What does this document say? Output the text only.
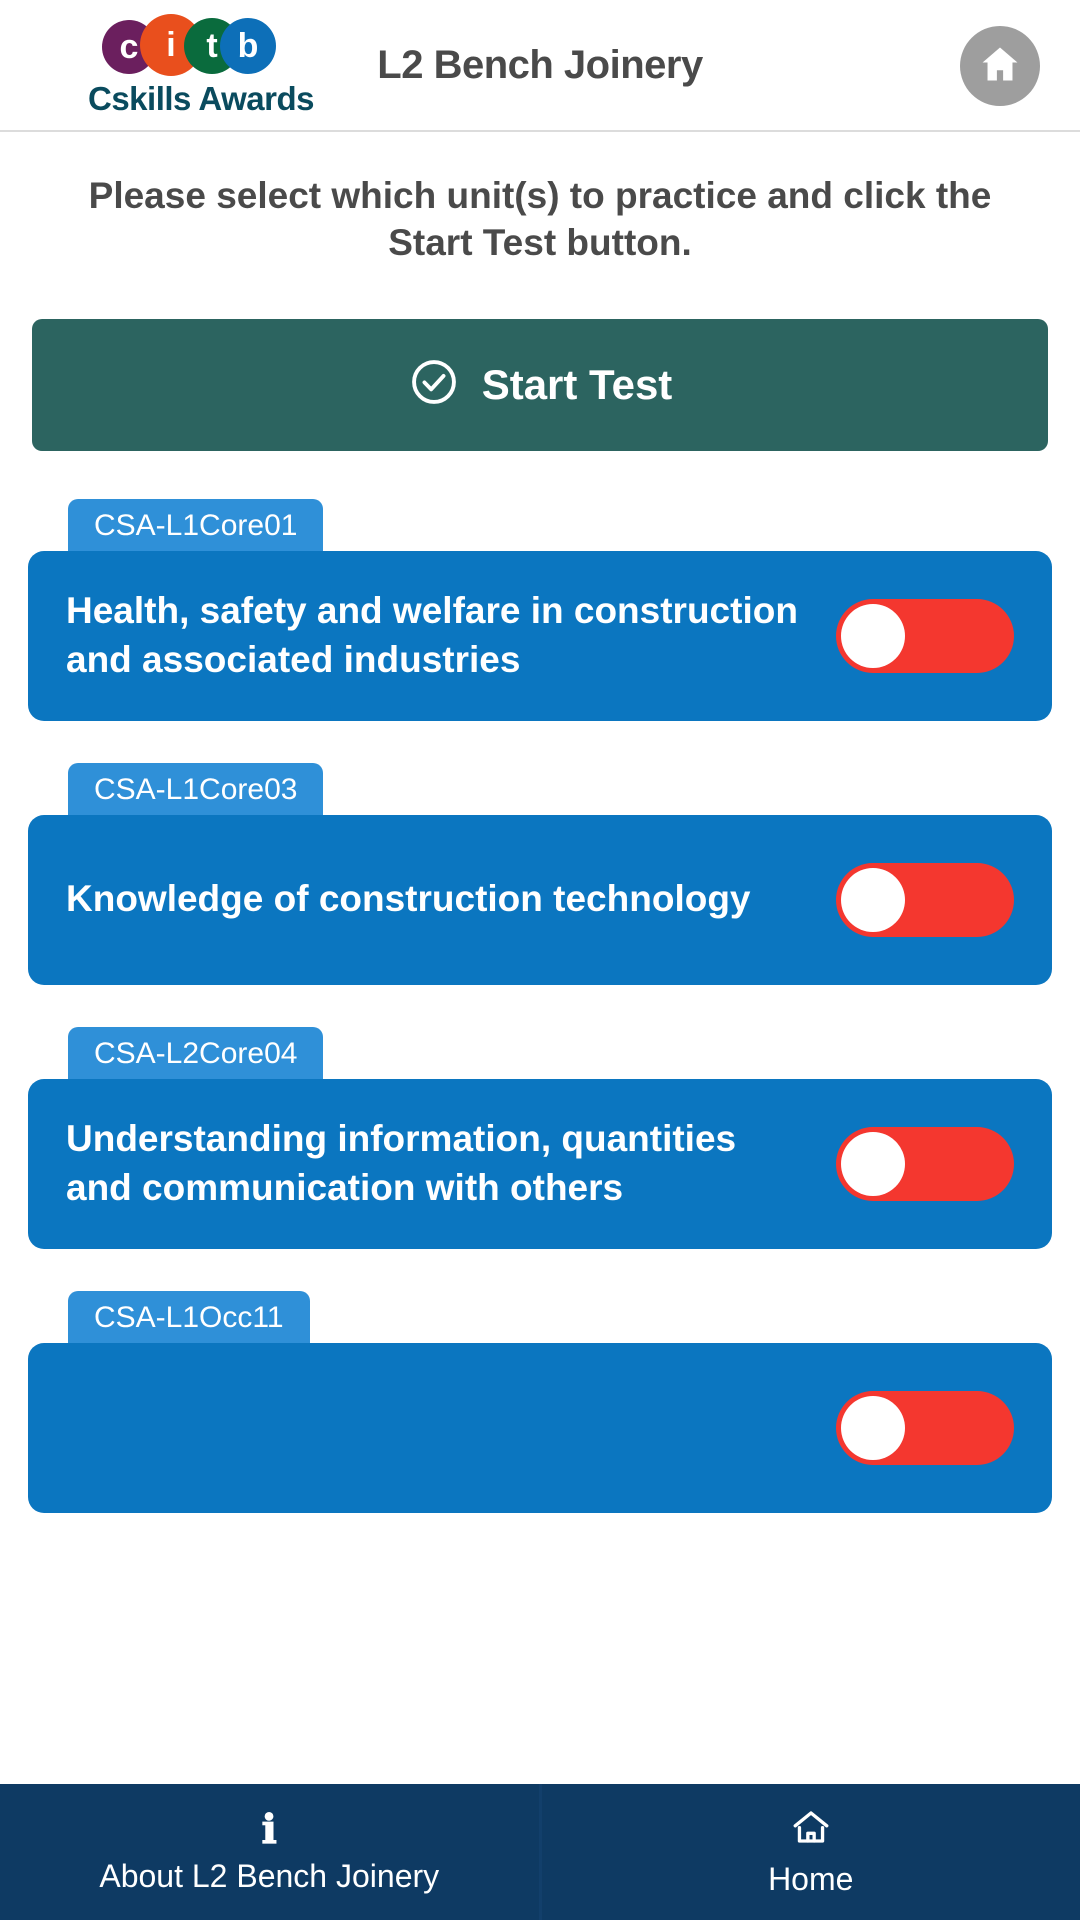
c i t b
Cskills Awards
L2 Bench Joinery
Please select which unit(s) to practice and click the Start Test button.
Start Test
CSA-L1Core01
Health, safety and welfare in construction and associated industries
CSA-L1Core03
Knowledge of construction technology
CSA-L2Core04
Understanding information, quantities and communication with others
CSA-L1Occ11
ℹ
About L2 Bench Joinery	Home
